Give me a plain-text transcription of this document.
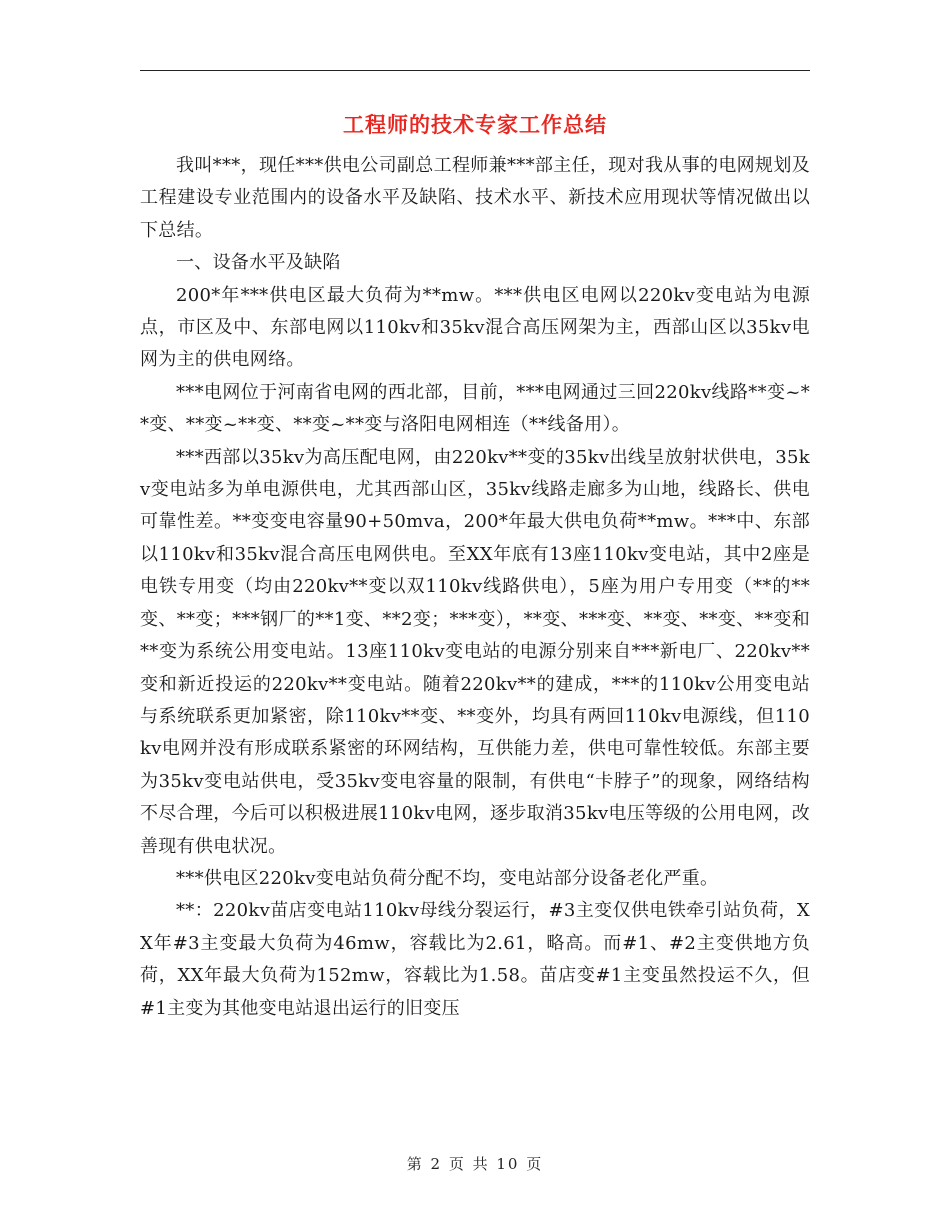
工程师的技术专家工作总结

我叫***，现任***供电公司副总工程师兼***部主任，现对我从事的电网规划及工程建设专业范围内的设备水平及缺陷、技术水平、新技术应用现状等情况做出以下总结。

一、设备水平及缺陷

200*年***供电区最大负荷为**mw。***供电区电网以220kv变电站为电源点，市区及中、东部电网以110kv和35kv混合高压网架为主，西部山区以35kv电网为主的供电网络。

***电网位于河南省电网的西北部，目前，***电网通过三回220kv线路**变~**变、**变~**变、**变~**变与洛阳电网相连（**线备用）。

***西部以35kv为高压配电网，由220kv**变的35kv出线呈放射状供电，35kv变电站多为单电源供电，尤其西部山区，35kv线路走廊多为山地，线路长、供电可靠性差。**变变电容量90+50mva，200*年最大供电负荷**mw。***中、东部以110kv和35kv混合高压电网供电。至XX年底有13座110kv变电站，其中2座是电铁专用变（均由220kv**变以双110kv线路供电），5座为用户专用变（**的**变、**变；***钢厂的**1变、**2变；***变），**变、***变、**变、**变、**变和**变为系统公用变电站。13座110kv变电站的电源分别来自***新电厂、220kv**变和新近投运的220kv**变电站。随着220kv**的建成，***的110kv公用变电站与系统联系更加紧密，除110kv**变、**变外，均具有两回110kv电源线，但110kv电网并没有形成联系紧密的环网结构，互供能力差，供电可靠性较低。东部主要为35kv变电站供电，受35kv变电容量的限制，有供电“卡脖子”的现象，网络结构不尽合理，今后可以积极进展110kv电网，逐步取消35kv电压等级的公用电网，改善现有供电状况。

***供电区220kv变电站负荷分配不均，变电站部分设备老化严重。

**：220kv苗店变电站110kv母线分裂运行，#3主变仅供电铁牵引站负荷，XX年#3主变最大负荷为46mw，容载比为2.61，略高。而#1、#2主变供地方负荷，XX年最大负荷为152mw，容载比为1.58。苗店变#1主变虽然投运不久，但#1主变为其他变电站退出运行的旧变压

第 2 页 共 10 页
